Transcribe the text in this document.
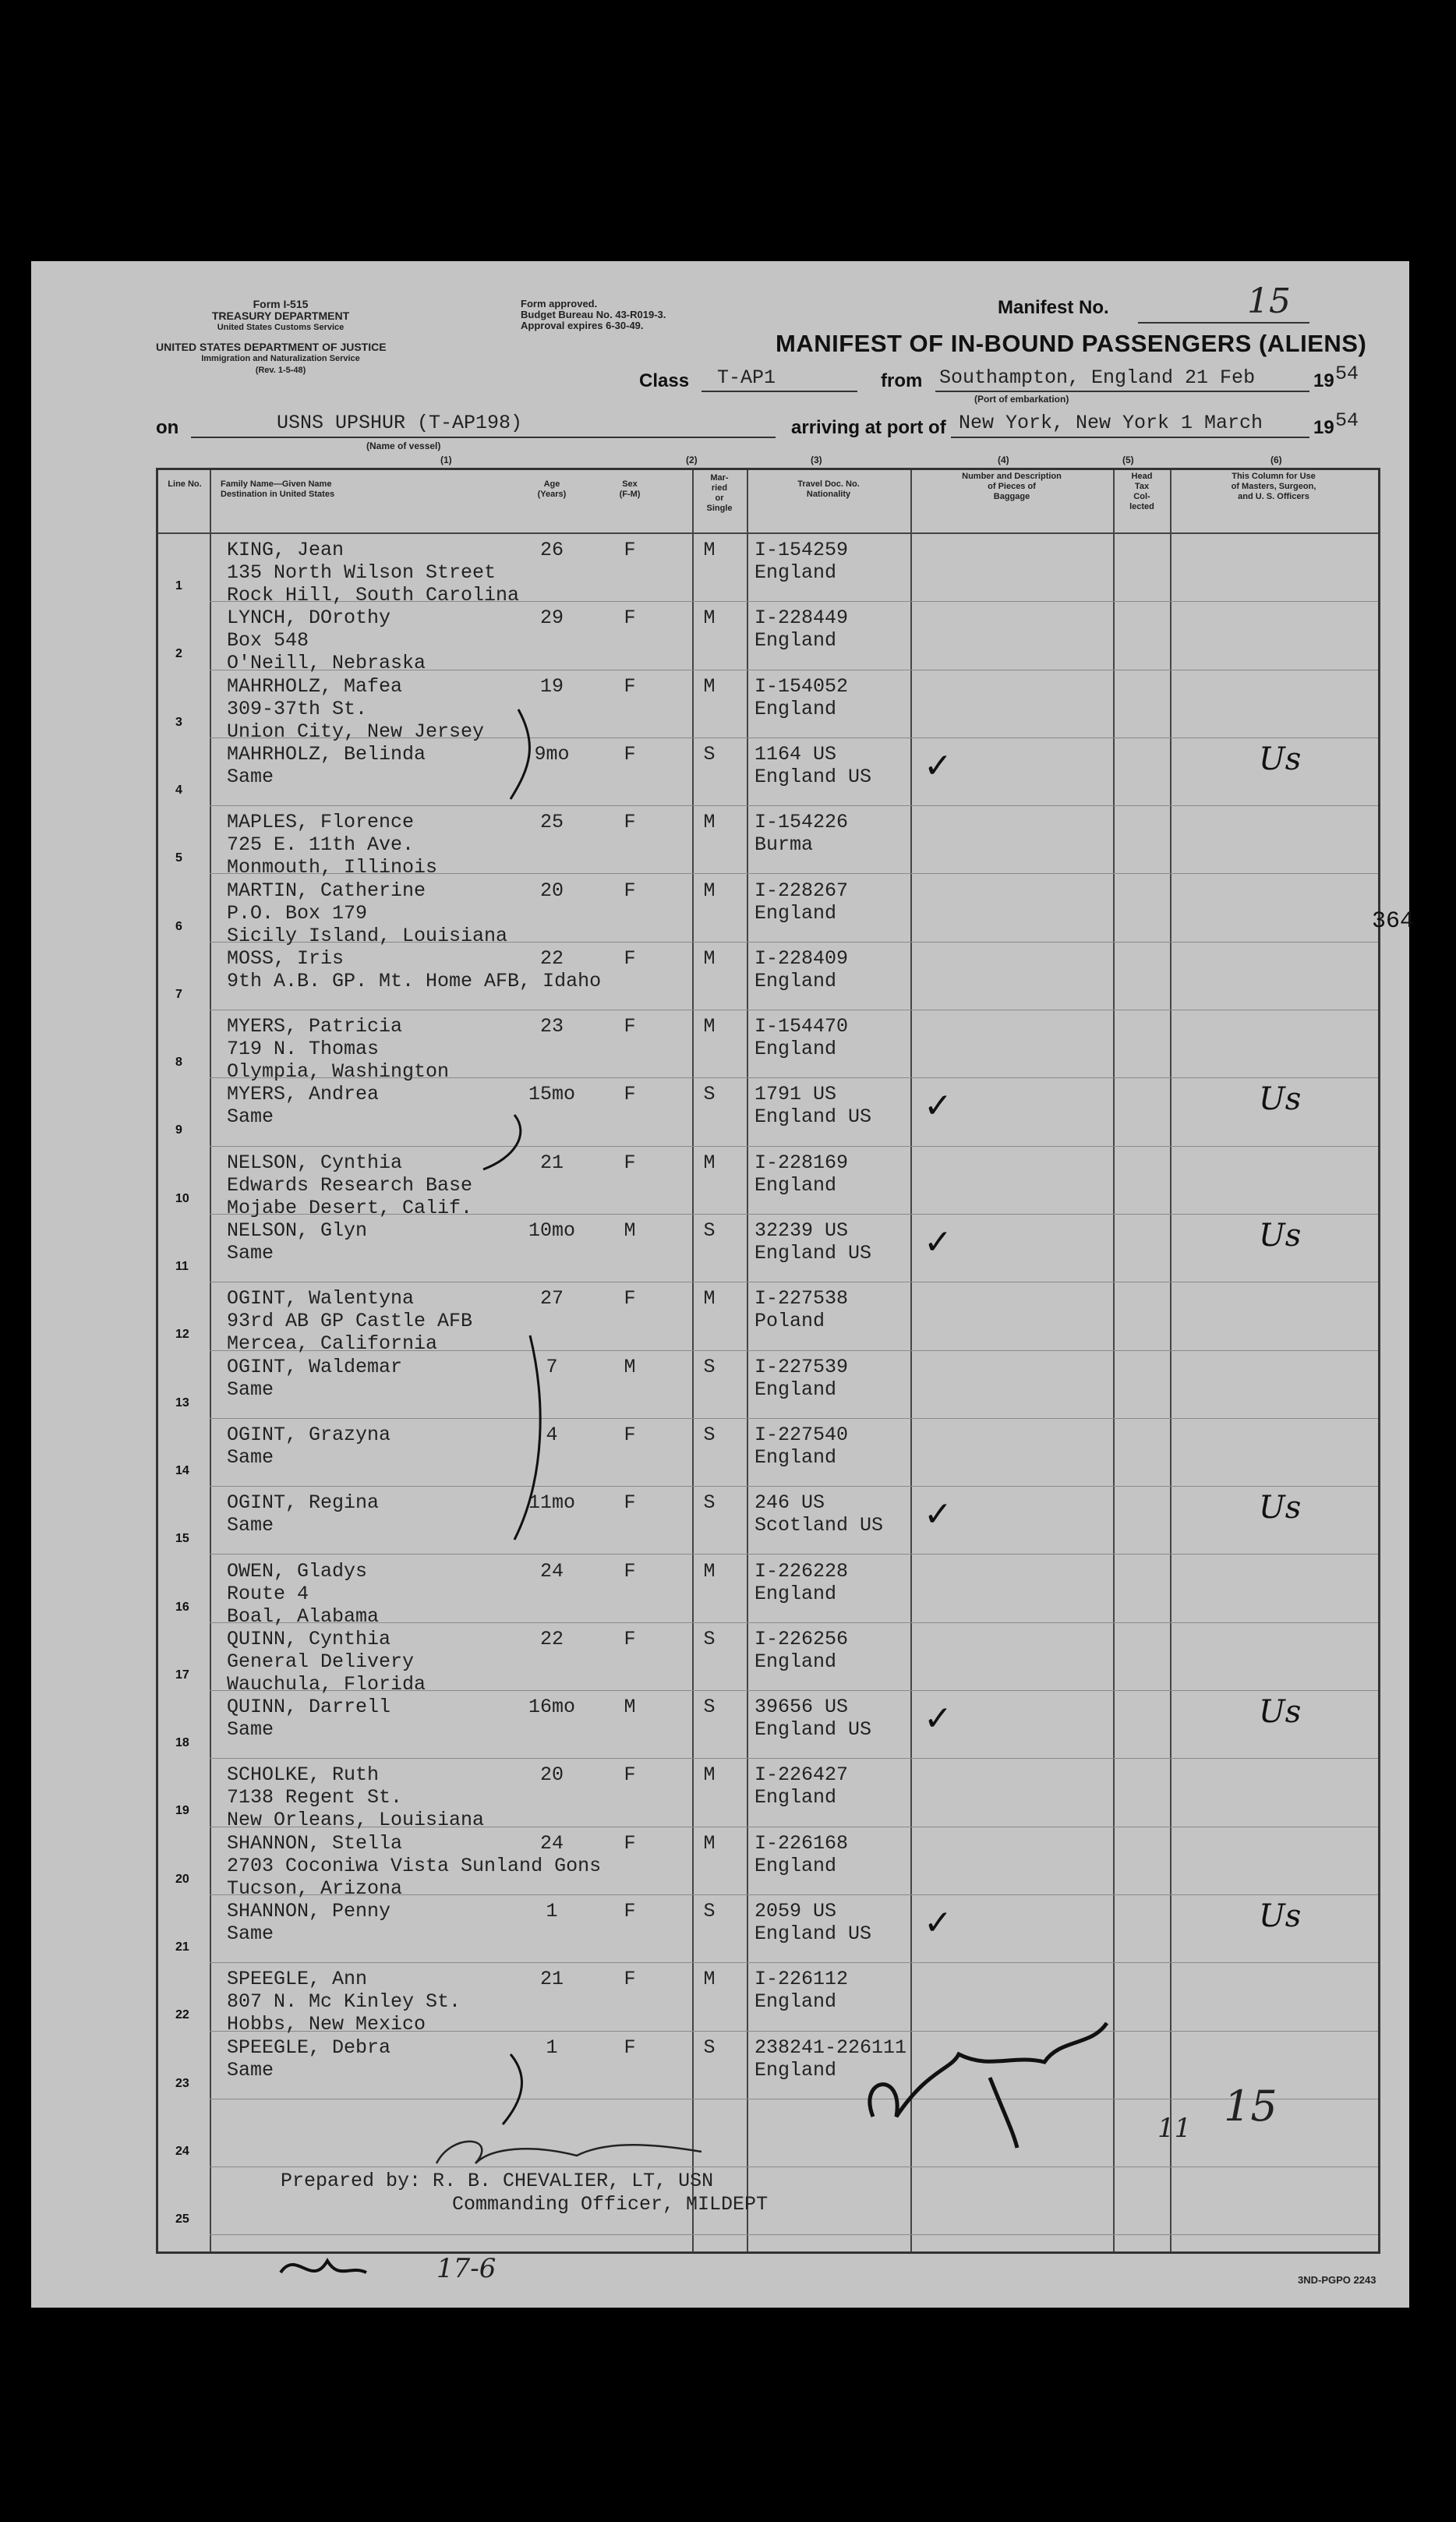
Form I-515
TREASURY DEPARTMENT
United States Customs Service
UNITED STATES DEPARTMENT OF JUSTICE
Immigration and Naturalization Service
(Rev. 1-5-48)
Form approved.
Budget Bureau No. 43-R019-3.
Approval expires 6-30-49.
Manifest No.	15
MANIFEST OF IN-BOUND PASSENGERS (ALIENS)
Class T-AP1	from Southampton, England 21 Feb	19 54
(Port of embarkation)
on	USNS UPSHUR (T-AP198)
(Name of vessel)
arriving at port of New York, New York 1 March	19 54
(1)	(2)	(3)	(4)	(5)	(6)
Line No.	Family Name—Given Name
Destination in United States
Age
(Years)
Sex
(F-M)
Mar-
ried
or
Single
Travel Doc. No.
Nationality
Number and Description
of Pieces of
Baggage
Head
Tax
Col-
lected
This Column for Use
of Masters, Surgeon,
and U. S. Officers
1
KING, Jean
135 North Wilson Street
Rock Hill, South Carolina
26	F	M	I-154259
England
2
LYNCH, DOrothy
Box 548
O'Neill, Nebraska
29	F	M	I-228449
England
3
MAHRHOLZ, Mafea
309-37th St.
Union City, New Jersey
19	F	M	I-154052
England
4
MAHRHOLZ, Belinda
Same
9mo	F	S	1164 US
England US ✓	Us
5
MAPLES, Florence
725 E. 11th Ave.
Monmouth, Illinois
25	F	M	I-154226
Burma
6
MARTIN, Catherine
P.O. Box 179
Sicily Island, Louisiana
20	F	M	I-228267
England
7
MOSS, Iris
9th A.B. GP. Mt. Home AFB, Idaho
22	F	M	I-228409
England
8
MYERS, Patricia
719 N. Thomas
Olympia, Washington
23	F	M	I-154470
England
9
MYERS, Andrea
Same
15mo	F	S	1791 US
England US ✓	Us
10
NELSON, Cynthia
Edwards Research Base
Mojabe Desert, Calif.
21	F	M	I-228169
England
11
NELSON, Glyn
Same
10mo	M	S	32239 US
England US ✓	Us
12
OGINT, Walentyna
93rd AB GP Castle AFB
Mercea, California
27	F	M	I-227538
Poland
13
OGINT, Waldemar
Same
7	M	S	I-227539
England
14
OGINT, Grazyna
Same
4	F	S	I-227540
England
15
OGINT, Regina
Same
11mo	F	S	246 US
Scotland US ✓	Us
16
OWEN, Gladys
Route 4
Boal, Alabama
24	F	M	I-226228
England
17
QUINN, Cynthia
General Delivery
Wauchula, Florida
22	F	S	I-226256
England
18
QUINN, Darrell
Same
16mo	M	S	39656 US
England US ✓	Us
19
SCHOLKE, Ruth
7138 Regent St.
New Orleans, Louisiana
20	F	M	I-226427
England
20
SHANNON, Stella
2703 Coconiwa Vista Sunland Gons
Tucson, Arizona
24	F	M	I-226168
England
21
SHANNON, Penny
Same
1	F	S	2059 US
England US ✓	Us
22
SPEEGLE, Ann
807 N. Mc Kinley St.
Hobbs, New Mexico
21	F	M	I-226112
England
23
SPEEGLE, Debra
Same
1	F	S	238241-226111
England
24
25
364
Prepared by: R. B. CHEVALIER, LT, USN
Commanding Officer, MILDEPT
17-6
11 15
3ND-PGPO 2243
